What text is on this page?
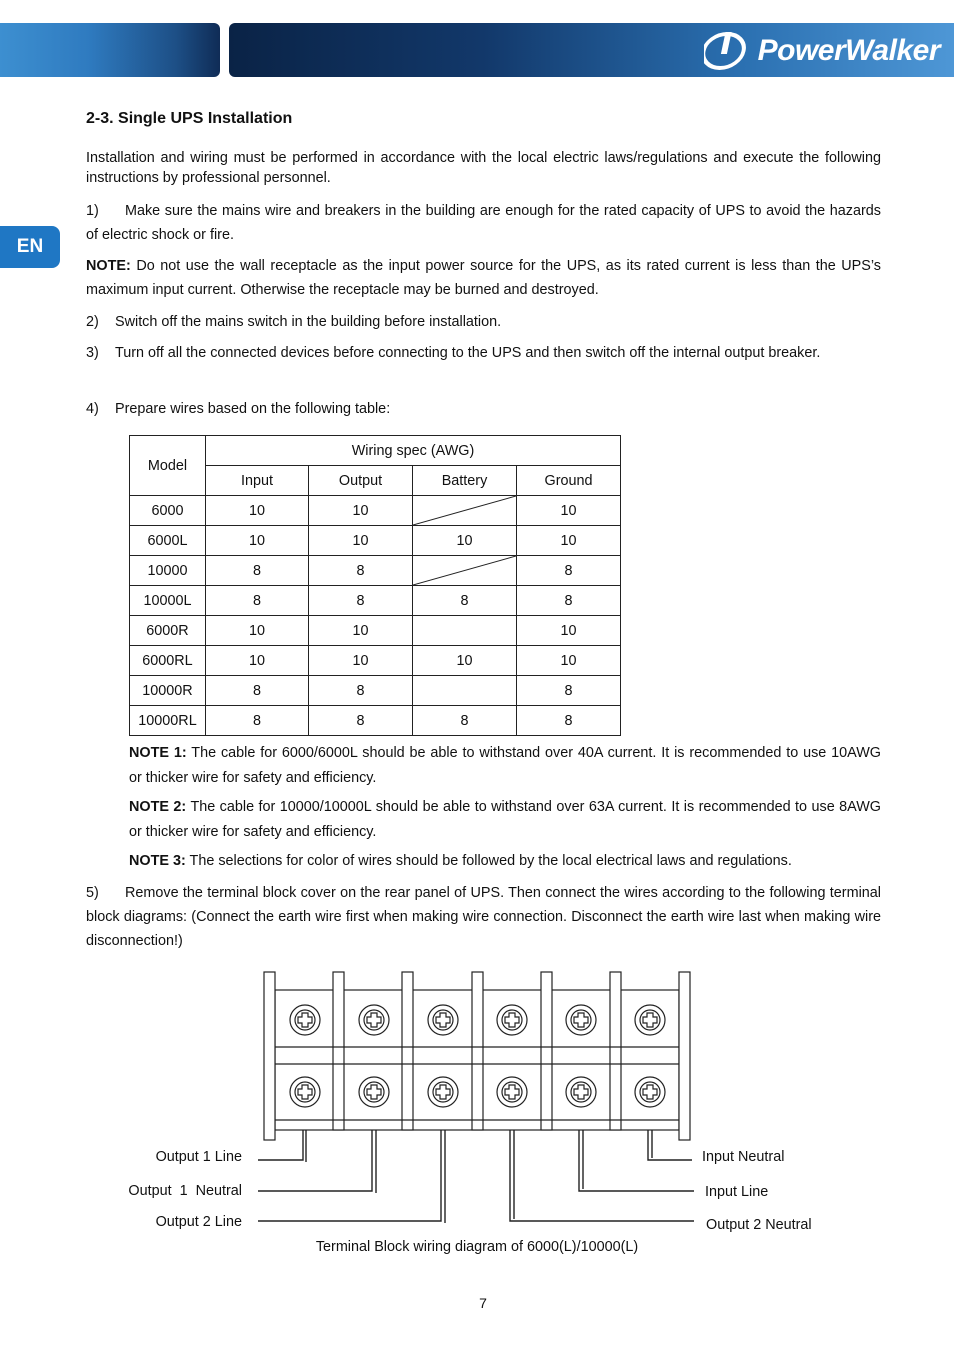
PowerWalker
EN
2-3. Single UPS Installation
Installation and wiring must be performed in accordance with the local electric laws/regulations and execute the following instructions by professional personnel.
1) Make sure the mains wire and breakers in the building are enough for the rated capacity of UPS to avoid the hazards of electric shock or fire.
NOTE: Do not use the wall receptacle as the input power source for the UPS, as its rated current is less than the UPS’s maximum input current. Otherwise the receptacle may be burned and destroyed.
2) Switch off the mains switch in the building before installation.
3) Turn off all the connected devices before connecting to the UPS and then switch off the internal output breaker.
4) Prepare wires based on the following table:
Model	Wiring spec (AWG)			
	Input	Output	Battery	Ground
6000	10	10		10
6000L	10	10	10	10
10000	8	8		8
10000L	8	8	8	8
6000R	10	10		10
6000RL	10	10	10	10
10000R	8	8		8
10000RL	8	8	8	8
NOTE 1: The cable for 6000/6000L should be able to withstand over 40A current. It is recommended to use 10AWG or thicker wire for safety and efficiency.
NOTE 2: The cable for 10000/10000L should be able to withstand over 63A current. It is recommended to use 8AWG or thicker wire for safety and efficiency.
NOTE 3: The selections for color of wires should be followed by the local electrical laws and regulations.
5) Remove the terminal block cover on the rear panel of UPS. Then connect the wires according to the following terminal block diagrams: (Connect the earth wire first when making wire connection. Disconnect the earth wire last when making wire disconnection!)
Output 1 Line
Output  1  Neutral
Output 2 Line
Input Neutral
Input Line
Output 2 Neutral
Terminal Block wiring diagram of 6000(L)/10000(L)
7
